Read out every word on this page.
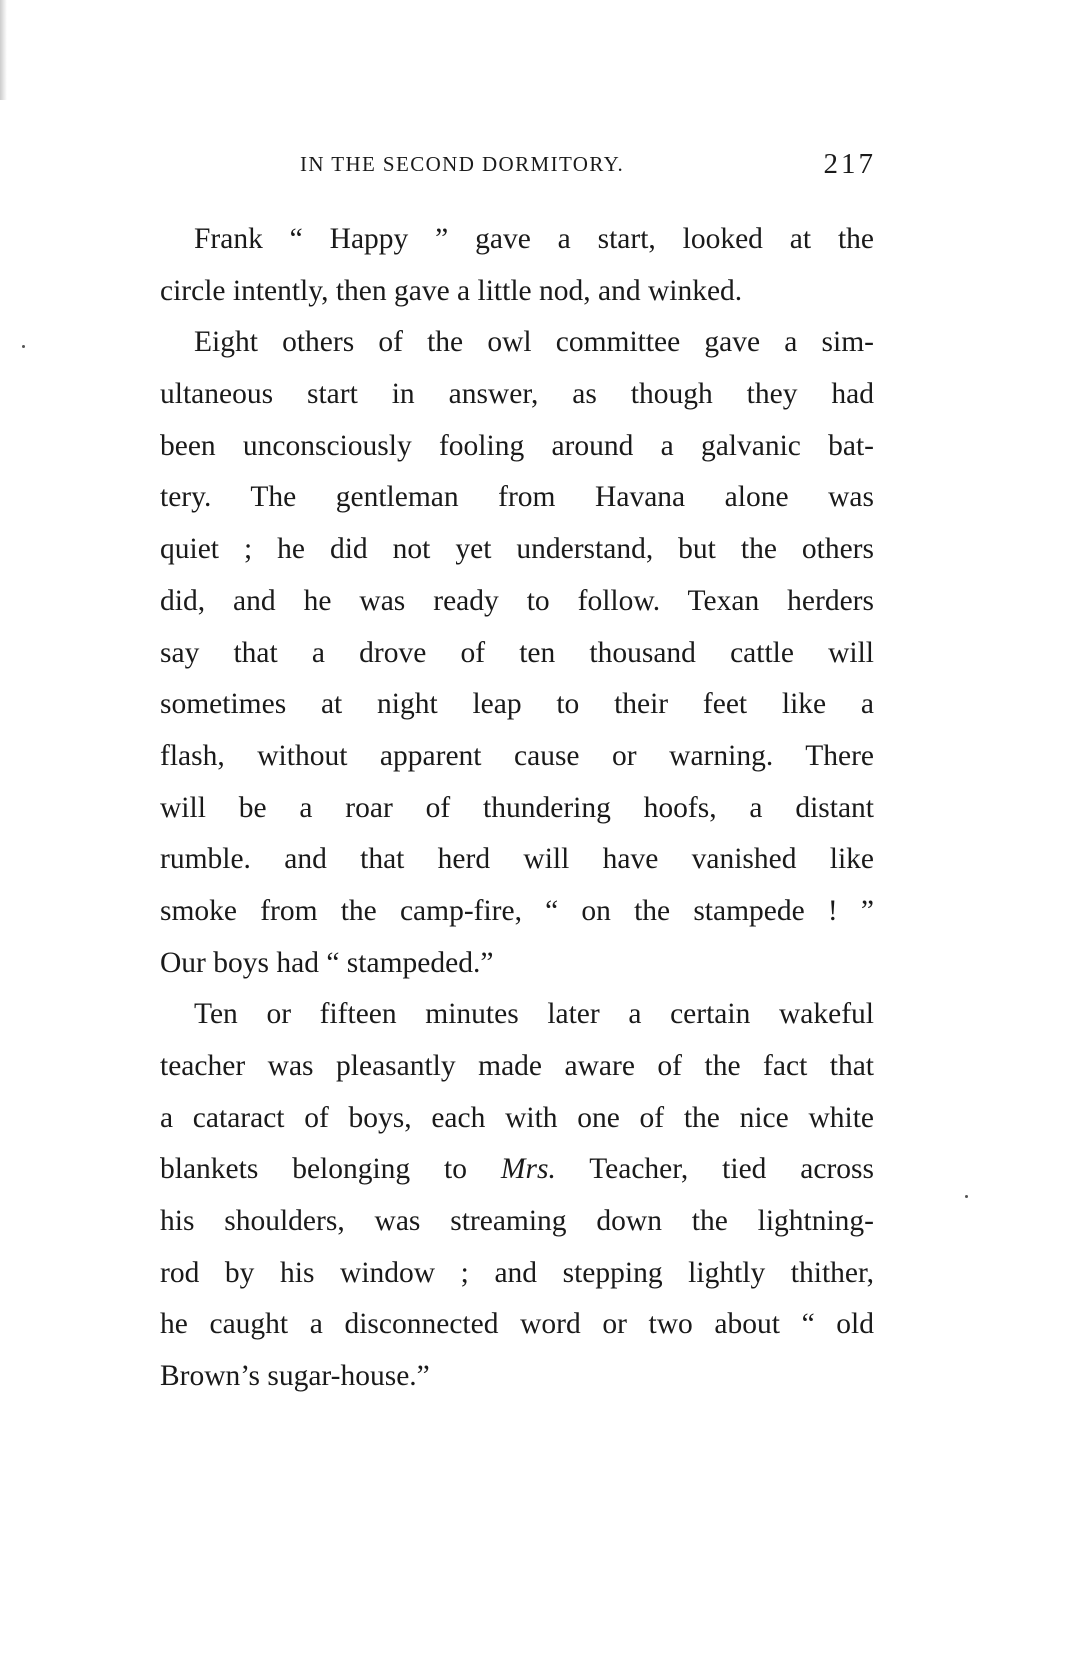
IN THE SECOND DORMITORY.	217

Frank “ Happy ” gave a start, looked at the
circle intently, then gave a little nod, and winked.

Eight others of the owl committee gave a sim-
ultaneous start in answer, as though they had
been unconsciously fooling around a galvanic bat-
tery. The gentleman from Havana alone was
quiet ; he did not yet understand, but the others
did, and he was ready to follow. Texan herders
say that a drove of ten thousand cattle will
sometimes at night leap to their feet like a
flash, without apparent cause or warning. There
will be a roar of thundering hoofs, a distant
rumble. and that herd will have vanished like
smoke from the camp-fire, “ on the stampede ! ”
Our boys had “ stampeded.”

Ten or fifteen minutes later a certain wakeful
teacher was pleasantly made aware of the fact that
a cataract of boys, each with one of the nice white
blankets belonging to Mrs. Teacher, tied across
his shoulders, was streaming down the lightning-
rod by his window ; and stepping lightly thither,
he caught a disconnected word or two about “ old
Brown’s sugar-house.”
